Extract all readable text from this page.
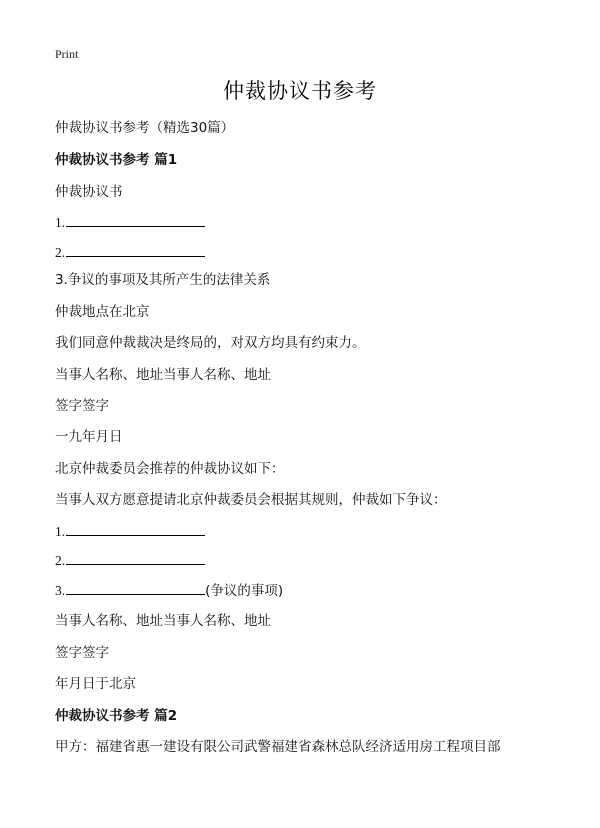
Print
仲裁协议书参考
仲裁协议书参考（精选30篇）
仲裁协议书参考 篇1
仲裁协议书
1.
2.
3.争议的事项及其所产生的法律关系
仲裁地点在北京
我们同意仲裁裁决是终局的，对双方均具有约束力。
当事人名称、地址当事人名称、地址
签字签字
一九年月日
北京仲裁委员会推荐的仲裁协议如下：
当事人双方愿意提请北京仲裁委员会根据其规则，仲裁如下争议：
1.
2.
3.	(争议的事项)
当事人名称、地址当事人名称、地址
签字签字
年月日于北京
仲裁协议书参考 篇2
甲方：福建省惠一建设有限公司武警福建省森林总队经济适用房工程项目部
